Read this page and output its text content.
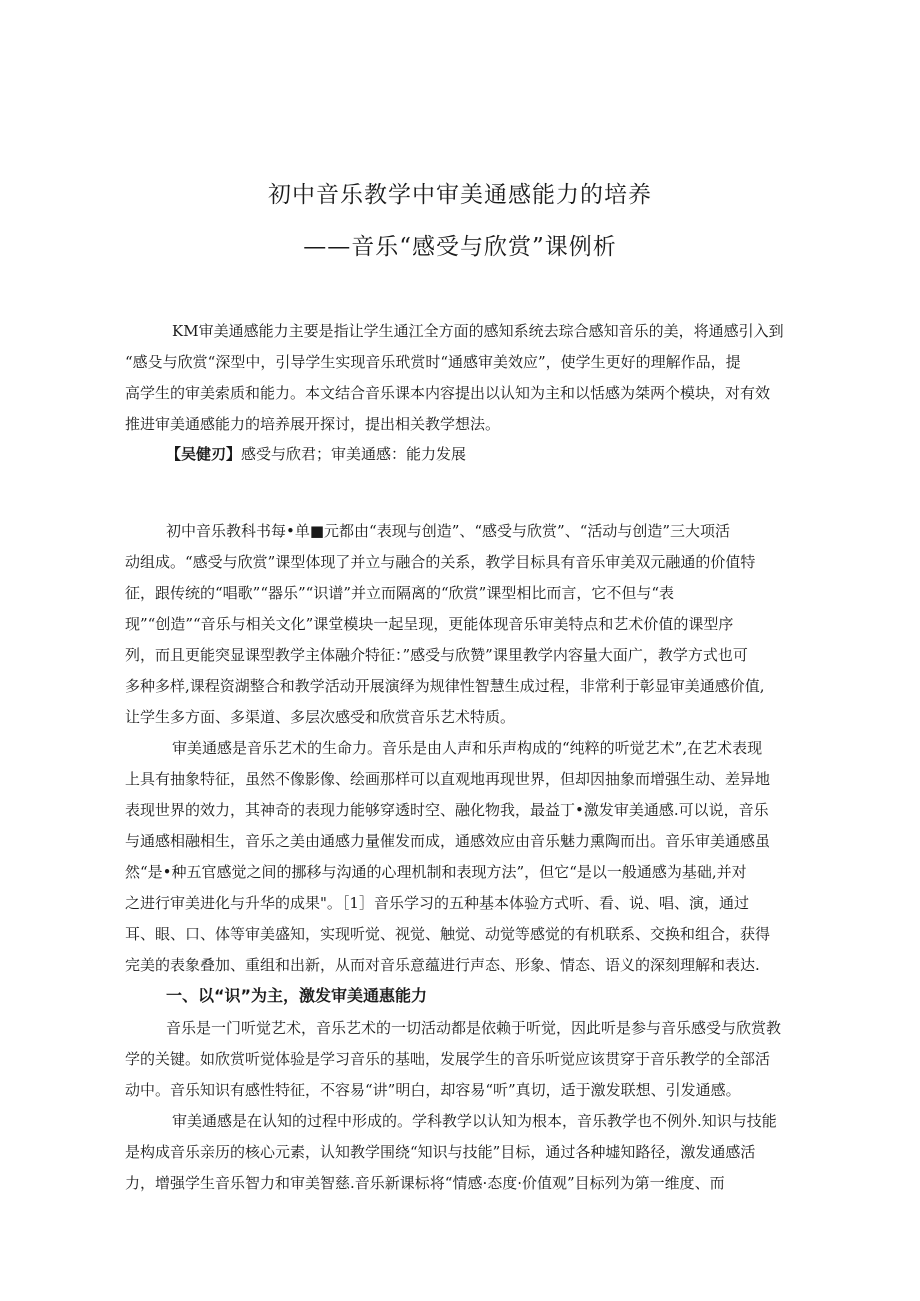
初中音乐教学中审美通感能力的培养
——音乐“感受与欣赏”课例析
KM审美通感能力主要是指让学生通江全方面的感知系统去琮合感知音乐的美，将通感引入到
“感殳与欣赏“深型中，引导学生实现音乐玳赏时“通感审美效应”，使学生更好的理解作品，提
高学生的审美索质和能力。本文结合音乐课本内容提出以认知为主和以恬感为桀两个模块，对有效
推进审美通感能力的培养展开探讨，提出相关教学想法。
【吴健刃】感受与欣君；审美通感：能力发展
初中音乐教科书每•单■元都由“表现与创造”、“感受与欣赏”、“活动与创造”三大项活
动组成。“感受与欣赏”课型体现了并立与融合的关系，教学目标具有音乐审美双元融通的价值特
征，跟传统的“唱歌”“器乐”“识谱”并立而隔离的“欣赏”课型相比而言，它不但与“表
现”“创造”“音乐与相关文化”课堂模块一起呈现，更能体现音乐审美特点和艺术价值的课型序
列，而且更能突显课型教学主体融介特征：”感受与欣赞”课里教学内容量大面广，教学方式也可
多种多样,课程资湖整合和教学活动开展演绎为规律性智慧生成过程，非常利于彰显审美通感价值,
让学生多方面、多渠道、多层次感受和欣赏音乐艺术特质。
审美通感是音乐艺术的生命力。音乐是由人声和乐声构成的“纯粹的听觉艺术”,在艺术表现
上具有抽象特征，虽然不像影像、绘画那样可以直观地再现世界，但却因抽象而增强生动、差异地
表现世界的效力，其神奇的表现力能够穿透时空、融化物我，最益丁•激发审美通感.可以说，音乐
与通感相融相生，音乐之美由通感力量催发而成，通感效应由音乐魅力熏陶而出。音乐审美通感虽
然“是•种五官感觉之间的挪移与沟通的心理机制和表现方法”，但它“是以一般通感为基础,并对
之进行审美进化与升华的成果"。［1］音乐学习的五种基本体验方式听、看、说、唱、演，通过
耳、眼、口、体等审美盛知，实现听觉、视觉、触觉、动觉等感觉的有机联系、交换和组合，获得
完美的表象叠加、重组和出新，从而对音乐意蕴进行声态、形象、情态、语义的深刻理解和表达.
一、以“识”为主，激发审美通惠能力
音乐是一门听觉艺术，音乐艺术的一切活动都是依赖于听觉，因此听是参与音乐感受与欣赏教
学的关键。如欣赏听觉体验是学习音乐的基咄，发展学生的音乐听觉应该贯穿于音乐教学的全部活
动中。音乐知识有感性特征，不容易“讲”明白，却容易“听”真切，适于激发联想、引发通感。
审美通感是在认知的过程中形成的。学科教学以认知为根本，音乐教学也不例外.知识与技能
是构成音乐亲历的核心元素，认知教学围绕“知识与技能”目标，通过各种墟知路径，激发通感活
力，增强学生音乐智力和审美智慈.音乐新课标将“情感·态度·价值观”目标列为第一维度、而
